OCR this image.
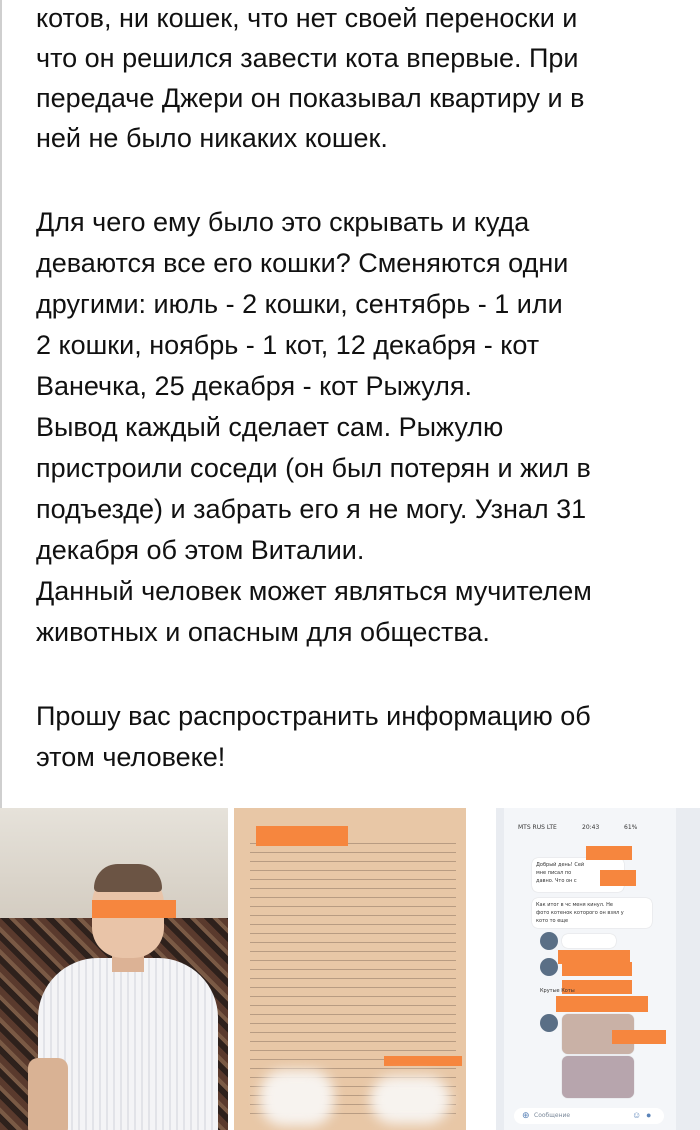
котов, ни кошек, что нет своей переноски и
что он решился завести кота впервые. При
передаче Джери он показывал квартиру и в
ней не было никаких кошек.
Для чего ему было это скрывать и куда
деваются все его кошки? Сменяются одни
другими: июль - 2 кошки, сентябрь - 1 или
2 кошки, ноябрь - 1 кот, 12 декабря - кот
Ванечка, 25 декабря - кот Рыжуля.
Вывод каждый сделает сам. Рыжулю
пристроили соседи (он был потерян и жил в
подъезде) и забрать его я не могу. Узнал 31
декабря об этом Виталии.
Данный человек может являться мучителем
животных и опасным для общества.
Прошу вас распространить информацию об
этом человеке!
MTS RUS LTE	20:43	61%
Добрый день! Сей
мне писал по
давно. Что он с
Как итог в чс меня кинул. Не
фото котенок которого он взял у
кото то еще
Крутые Коты
⊕ Сообщение	☺ ●
